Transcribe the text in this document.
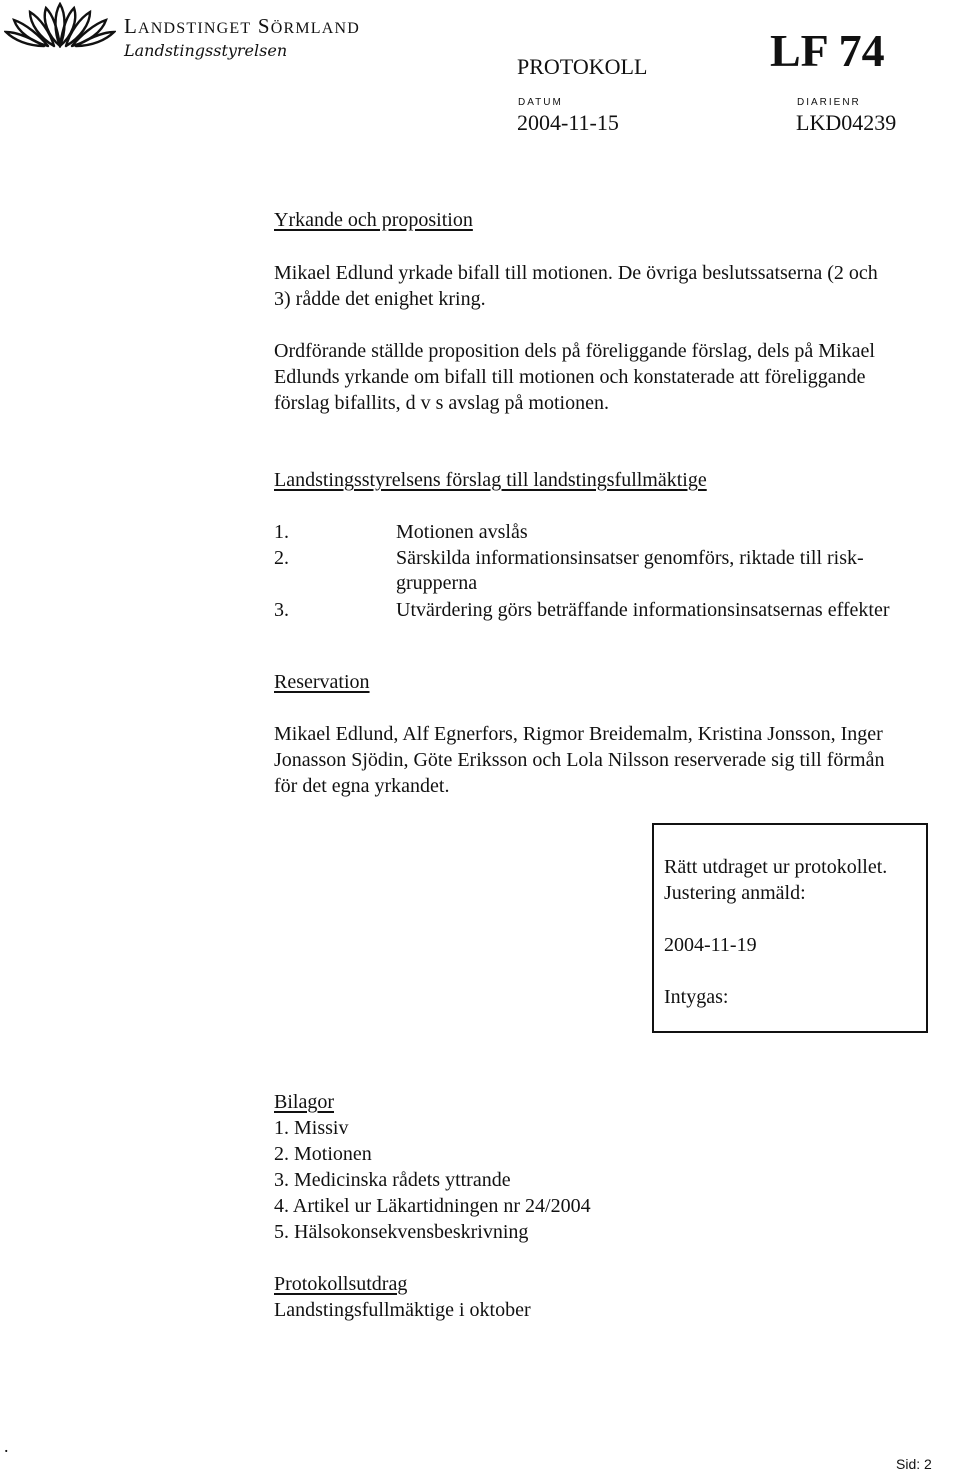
LANDSTINGET SÖRMLAND
Landstingsstyrelsen	LF 74
PROTOKOLL
DATUM
2004-11-15
DIARIENR
LKD04239
Yrkande och proposition
Mikael Edlund yrkade bifall till motionen. De övriga beslutssatserna (2 och
3) rådde det enighet kring.
Ordförande ställde proposition dels på föreliggande förslag, dels på Mikael
Edlunds yrkande om bifall till motionen och konstaterade att föreliggande
förslag bifallits, d v s avslag på motionen.
Landstingsstyrelsens förslag till landstingsfullmäktige
1.	Motionen avslås
2.	Särskilda informationsinsatser genomförs, riktade till risk-
grupperna
3.	Utvärdering görs beträffande informationsinsatsernas effekter
Reservation
Mikael Edlund, Alf Egnerfors, Rigmor Breidemalm, Kristina Jonsson, Inger
Jonasson Sjödin, Göte Eriksson och Lola Nilsson reserverade sig till förmån
för det egna yrkandet.
Rätt utdraget ur protokollet.
Justering anmäld:
2004-11-19
Intygas:
Bilagor
1. Missiv
2. Motionen
3. Medicinska rådets yttrande
4. Artikel ur Läkartidningen nr 24/2004
5. Hälsokonsekvensbeskrivning
Protokollsutdrag
Landstingsfullmäktige i oktober
.
Sid: 2
